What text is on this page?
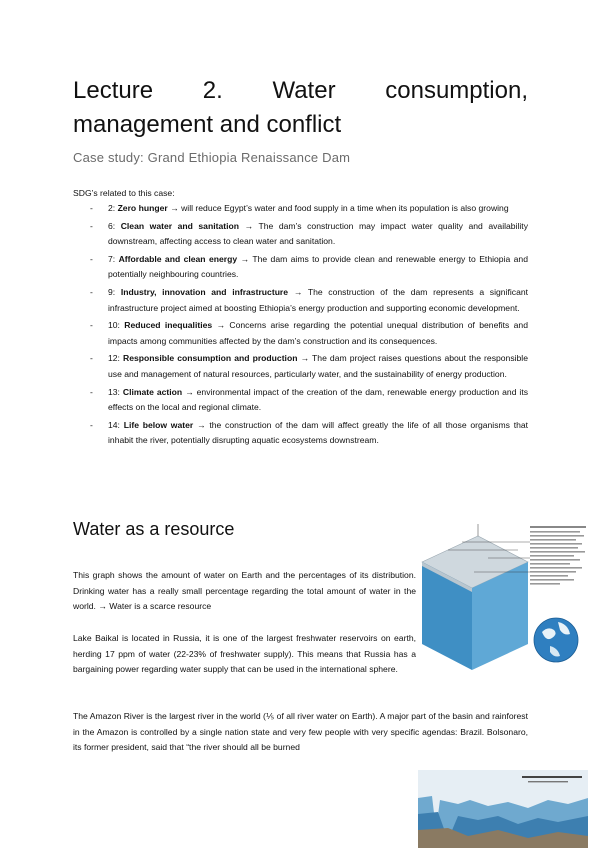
Lecture 2. Water consumption,
management and conflict

Case study: Grand Ethiopia Renaissance Dam

SDG’s related to this case:

- 2: Zero hunger → will reduce Egypt’s water and food supply in a time when its population is also growing
- 6: Clean water and sanitation → The dam’s construction may impact water quality and availability downstream, affecting access to clean water and sanitation.
- 7: Affordable and clean energy → The dam aims to provide clean and renewable energy to Ethiopia and potentially neighbouring countries.
- 9: Industry, innovation and infrastructure → The construction of the dam represents a significant infrastructure project aimed at boosting Ethiopia’s energy production and supporting economic development.
- 10: Reduced inequalities → Concerns arise regarding the potential unequal distribution of benefits and impacts among communities affected by the dam’s construction and its consequences.
- 12: Responsible consumption and production → The dam project raises questions about the responsible use and management of natural resources, particularly water, and the sustainability of energy production.
- 13: Climate action → environmental impact of the creation of the dam, renewable energy production and its effects on the local and regional climate.
- 14: Life below water → the construction of the dam will affect greatly the life of all those organisms that inhabit the river, potentially disrupting aquatic ecosystems downstream.
Water as a resource

This graph shows the amount of water on Earth and the percentages of its distribution. Drinking water has a really small percentage regarding the total amount of water in the world. → Water is a scarce resource

Lake Baikal is located in Russia, it is one of the largest freshwater reservoirs on earth, herding 17 ppm of water (22-23% of freshwater supply). This means that Russia has a bargaining power regarding water supply that can be used in the international sphere.

The Amazon River is the largest river in the world (⅕ of all river water on Earth). A major part of the basin and rainforest in the Amazon is controlled by a single nation state and very few people with very specific agendas: Brazil. Bolsonaro, its former president, said that “the river should all be burned
